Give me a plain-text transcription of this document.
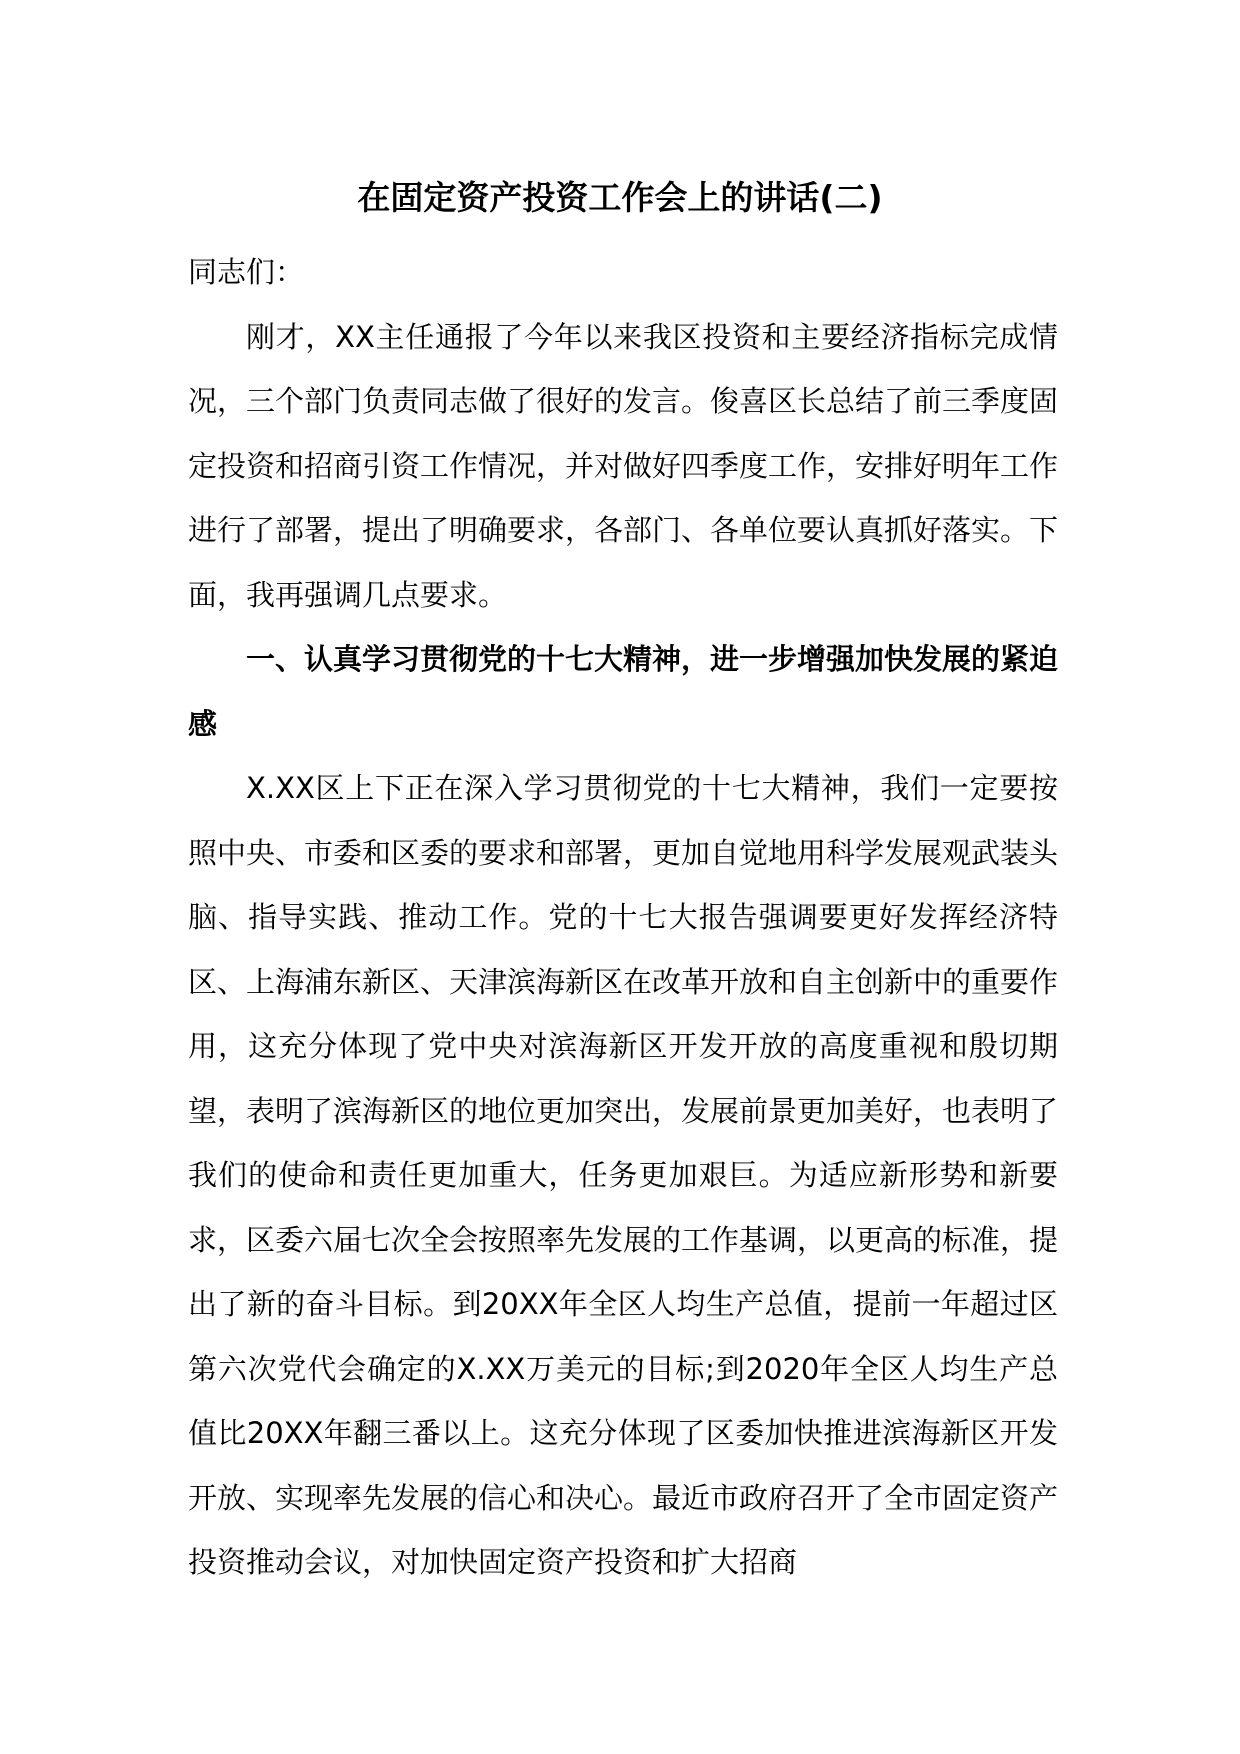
在固定资产投资工作会上的讲话(二)

同志们：

刚才，XX主任通报了今年以来我区投资和主要经济指标完成情况，三个部门负责同志做了很好的发言。俊喜区长总结了前三季度固定投资和招商引资工作情况，并对做好四季度工作，安排好明年工作进行了部署，提出了明确要求，各部门、各单位要认真抓好落实。下面，我再强调几点要求。

一、认真学习贯彻党的十七大精神，进一步增强加快发展的紧迫感

X.XX区上下正在深入学习贯彻党的十七大精神，我们一定要按照中央、市委和区委的要求和部署，更加自觉地用科学发展观武装头脑、指导实践、推动工作。党的十七大报告强调要更好发挥经济特区、上海浦东新区、天津滨海新区在改革开放和自主创新中的重要作用，这充分体现了党中央对滨海新区开发开放的高度重视和殷切期望，表明了滨海新区的地位更加突出，发展前景更加美好，也表明了我们的使命和责任更加重大，任务更加艰巨。为适应新形势和新要求，区委六届七次全会按照率先发展的工作基调，以更高的标准，提出了新的奋斗目标。到20XX年全区人均生产总值，提前一年超过区第六次党代会确定的X.XX万美元的目标;到2020年全区人均生产总值比20XX年翻三番以上。这充分体现了区委加快推进滨海新区开发开放、实现率先发展的信心和决心。最近市政府召开了全市固定资产投资推动会议，对加快固定资产投资和扩大招商
